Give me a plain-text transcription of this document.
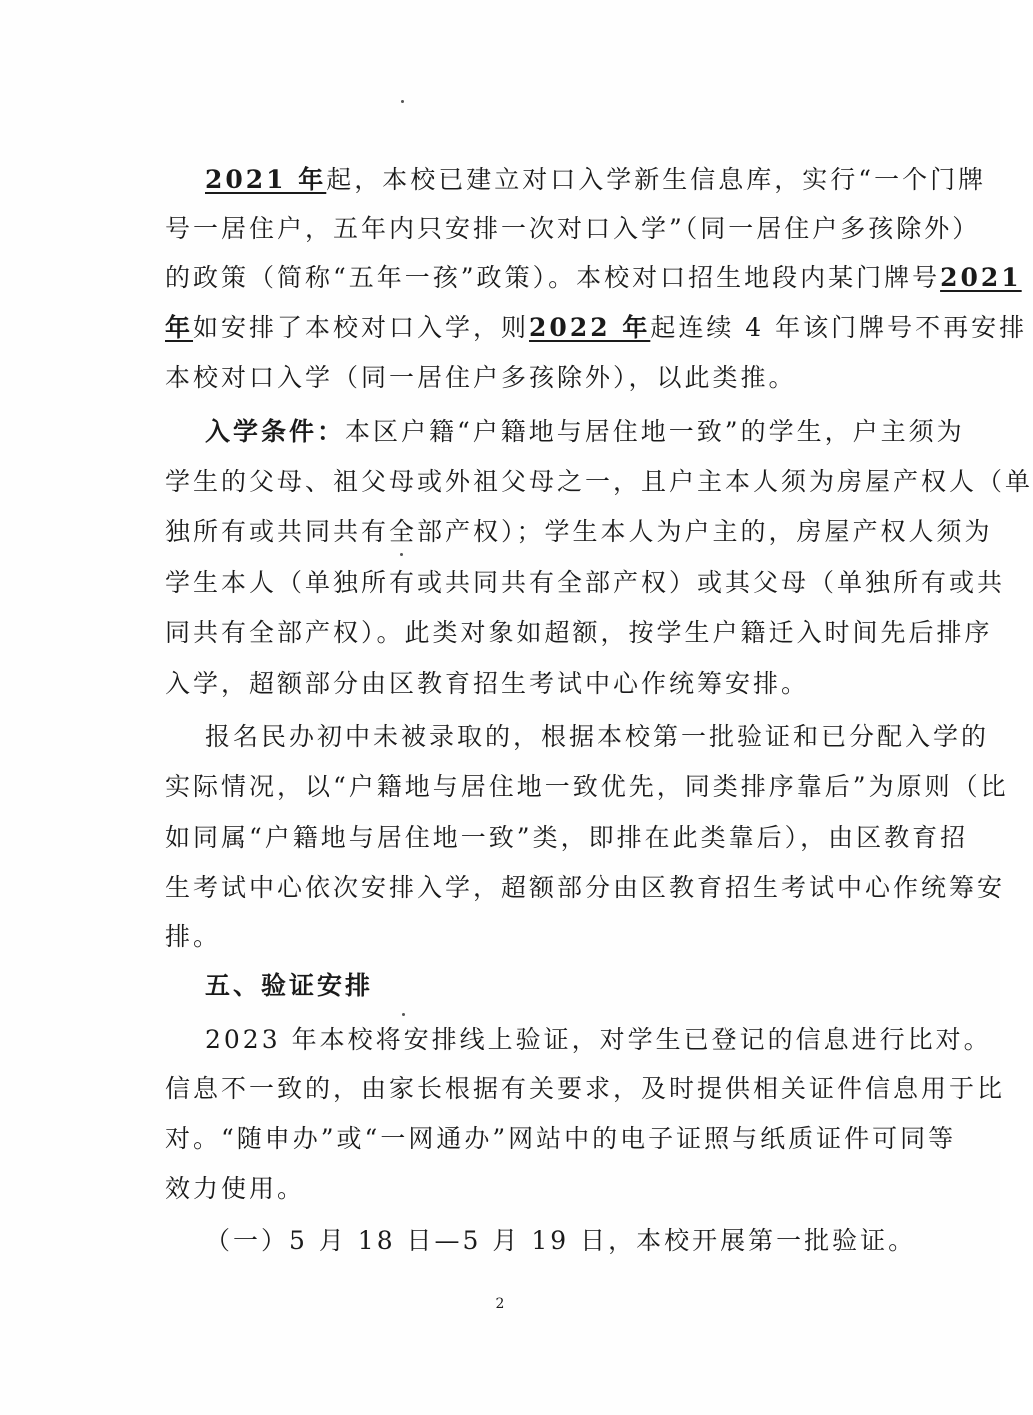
2021 年起，本校已建立对口入学新生信息库，实行“一个门牌
号一居住户，五年内只安排一次对口入学”（同一居住户多孩除外）
的政策（简称“五年一孩”政策）。本校对口招生地段内某门牌号2021
年如安排了本校对口入学，则2022 年起连续 4 年该门牌号不再安排
本校对口入学（同一居住户多孩除外），以此类推。
入学条件：本区户籍“户籍地与居住地一致”的学生，户主须为
学生的父母、祖父母或外祖父母之一，且户主本人须为房屋产权人（单
独所有或共同共有全部产权）；学生本人为户主的，房屋产权人须为
学生本人（单独所有或共同共有全部产权）或其父母（单独所有或共
同共有全部产权）。此类对象如超额，按学生户籍迁入时间先后排序
入学，超额部分由区教育招生考试中心作统筹安排。
报名民办初中未被录取的，根据本校第一批验证和已分配入学的
实际情况，以“户籍地与居住地一致优先，同类排序靠后”为原则（比
如同属“户籍地与居住地一致”类，即排在此类靠后），由区教育招
生考试中心依次安排入学，超额部分由区教育招生考试中心作统筹安
排。
五、验证安排
2023 年本校将安排线上验证，对学生已登记的信息进行比对。
信息不一致的，由家长根据有关要求，及时提供相关证件信息用于比
对。“随申办”或“一网通办”网站中的电子证照与纸质证件可同等
效力使用。
（一）5 月 18 日—5 月 19 日，本校开展第一批验证。
2
